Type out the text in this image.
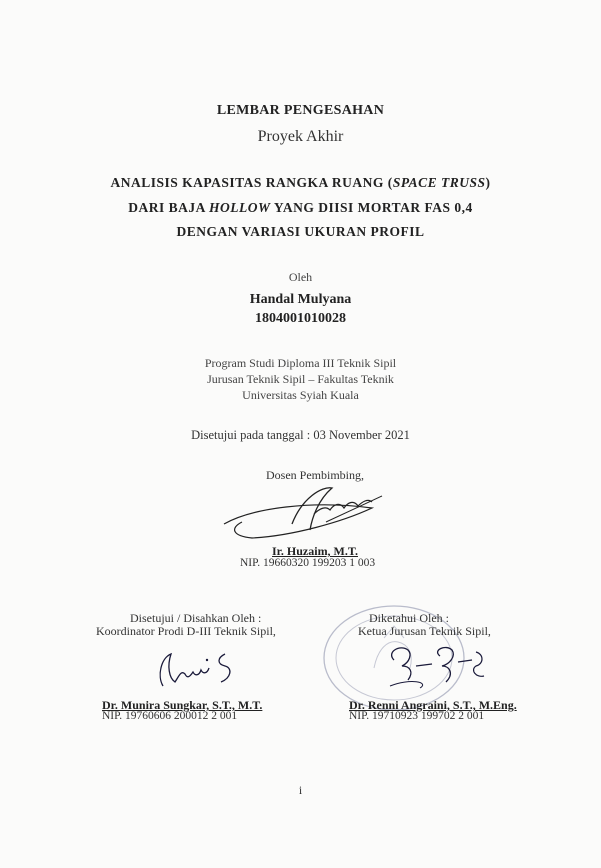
LEMBAR PENGESAHAN
Proyek Akhir
ANALISIS KAPASITAS RANGKA RUANG (SPACE TRUSS)
DARI BAJA HOLLOW YANG DIISI MORTAR FAS 0,4
DENGAN VARIASI UKURAN PROFIL
Oleh
Handal Mulyana
1804001010028
Program Studi Diploma III Teknik Sipil
Jurusan Teknik Sipil – Fakultas Teknik
Universitas Syiah Kuala
Disetujui pada tanggal : 03 November 2021
Dosen Pembimbing,
Ir. Huzaim, M.T.
NIP. 19660320 199203 1 003
Disetujui / Disahkan Oleh :
Koordinator Prodi D-III Teknik Sipil,
Dr. Munira Sungkar, S.T., M.T.
NIP. 19760606 200012 2 001
Diketahui Oleh :
Ketua Jurusan Teknik Sipil,
Dr. Renni Angraini, S.T., M.Eng.
NIP. 19710923 199702 2 001
i
